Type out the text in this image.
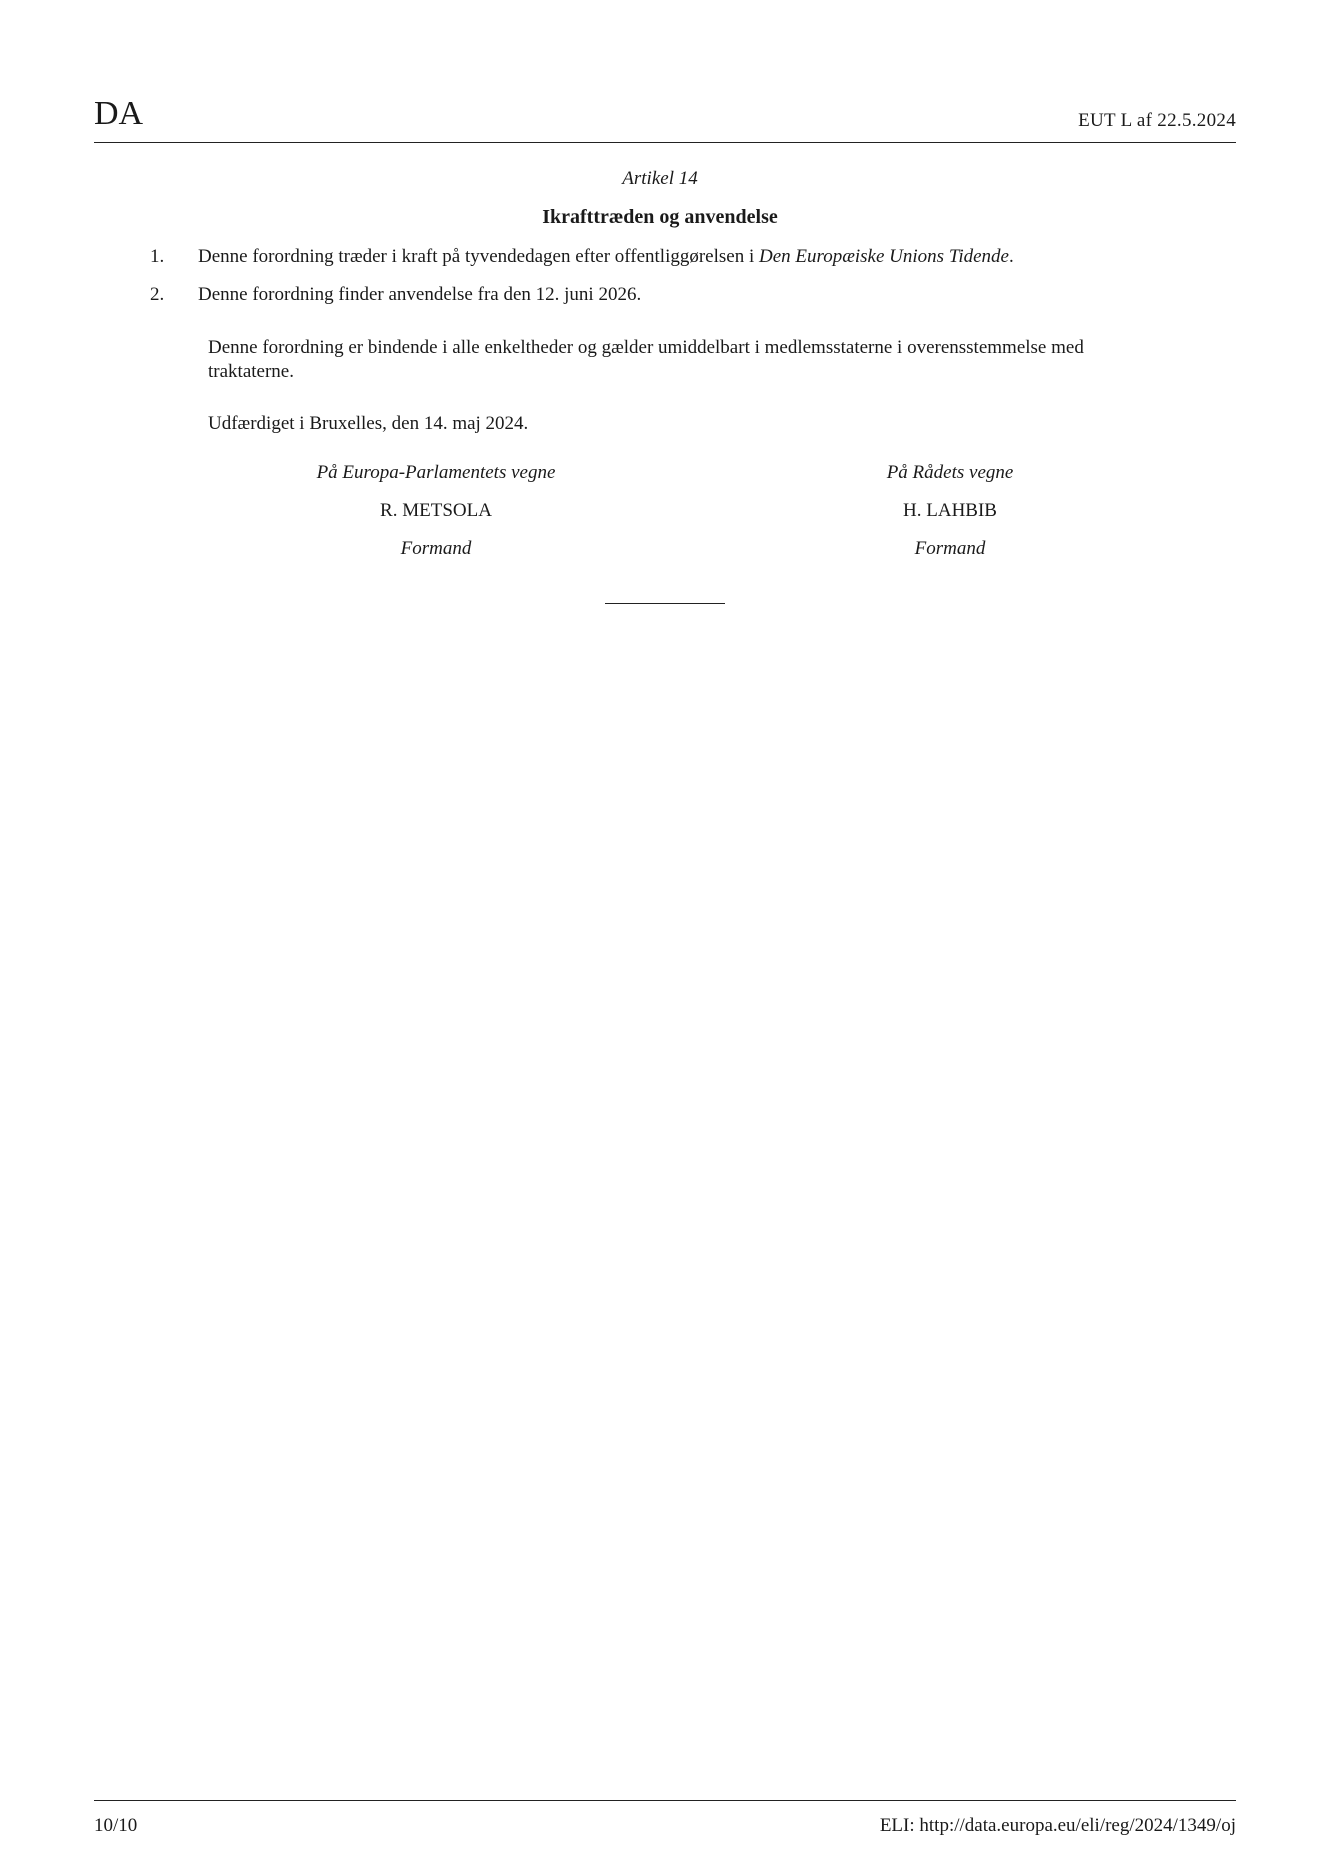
DA	EUT L af 22.5.2024
Artikel 14
Ikrafttræden og anvendelse
1. Denne forordning træder i kraft på tyvendedagen efter offentliggørelsen i Den Europæiske Unions Tidende.
2. Denne forordning finder anvendelse fra den 12. juni 2026.
Denne forordning er bindende i alle enkeltheder og gælder umiddelbart i medlemsstaterne i overensstemmelse med traktaterne.
Udfærdiget i Bruxelles, den 14. maj 2024.
På Europa-Parlamentets vegne
R. METSOLA
Formand
På Rådets vegne
H. LAHBIB
Formand
10/10	ELI: http://data.europa.eu/eli/reg/2024/1349/oj
